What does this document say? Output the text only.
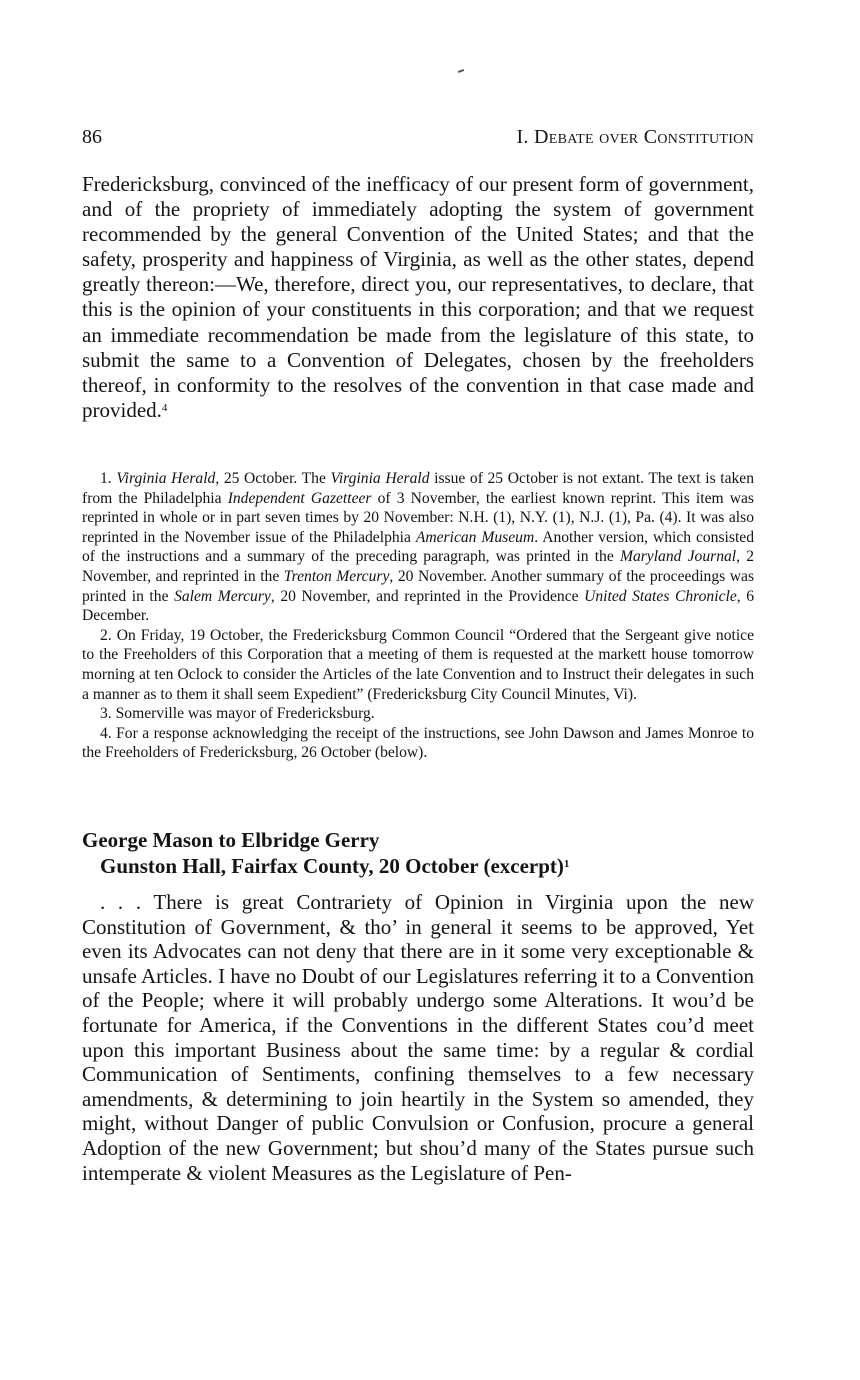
86	I. Debate over Constitution

Fredericksburg, convinced of the inefficacy of our present form of government, and of the propriety of immediately adopting the system of government recommended by the general Convention of the United States; and that the safety, prosperity and happiness of Virginia, as well as the other states, depend greatly thereon:—We, therefore, direct you, our representatives, to declare, that this is the opinion of your constituents in this corporation; and that we request an immediate recommendation be made from the legislature of this state, to submit the same to a Convention of Delegates, chosen by the freeholders thereof, in conformity to the resolves of the convention in that case made and provided.$^4$

1. Virginia Herald, 25 October. The Virginia Herald issue of 25 October is not extant. The text is taken from the Philadelphia Independent Gazetteer of 3 November, the earliest known reprint. This item was reprinted in whole or in part seven times by 20 November: N.H. (1), N.Y. (1), N.J. (1), Pa. (4). It was also reprinted in the November issue of the Philadelphia American Museum. Another version, which consisted of the instructions and a summary of the preceding paragraph, was printed in the Maryland Journal, 2 November, and reprinted in the Trenton Mercury, 20 November. Another summary of the proceedings was printed in the Salem Mercury, 20 November, and reprinted in the Providence United States Chronicle, 6 December.

2. On Friday, 19 October, the Fredericksburg Common Council “Ordered that the Sergeant give notice to the Freeholders of this Corporation that a meeting of them is requested at the markett house tomorrow morning at ten Oclock to consider the Articles of the late Convention and to Instruct their delegates in such a manner as to them it shall seem Expedient” (Fredericksburg City Council Minutes, Vi).

3. Somerville was mayor of Fredericksburg.

4. For a response acknowledging the receipt of the instructions, see John Dawson and James Monroe to the Freeholders of Fredericksburg, 26 October (below).

George Mason to Elbridge Gerry
Gunston Hall, Fairfax County, 20 October (excerpt)$^1$

. . . There is great Contrariety of Opinion in Virginia upon the new Constitution of Government, & tho’ in general it seems to be approved, Yet even its Advocates can not deny that there are in it some very exceptionable & unsafe Articles. I have no Doubt of our Legislatures referring it to a Convention of the People; where it will probably undergo some Alterations. It wou’d be fortunate for America, if the Conventions in the different States cou’d meet upon this important Business about the same time: by a regular & cordial Communication of Sentiments, confining themselves to a few necessary amendments, & determining to join heartily in the System so amended, they might, without Danger of public Convulsion or Confusion, procure a general Adoption of the new Government; but shou’d many of the States pursue such intemperate & violent Measures as the Legislature of Pen-
